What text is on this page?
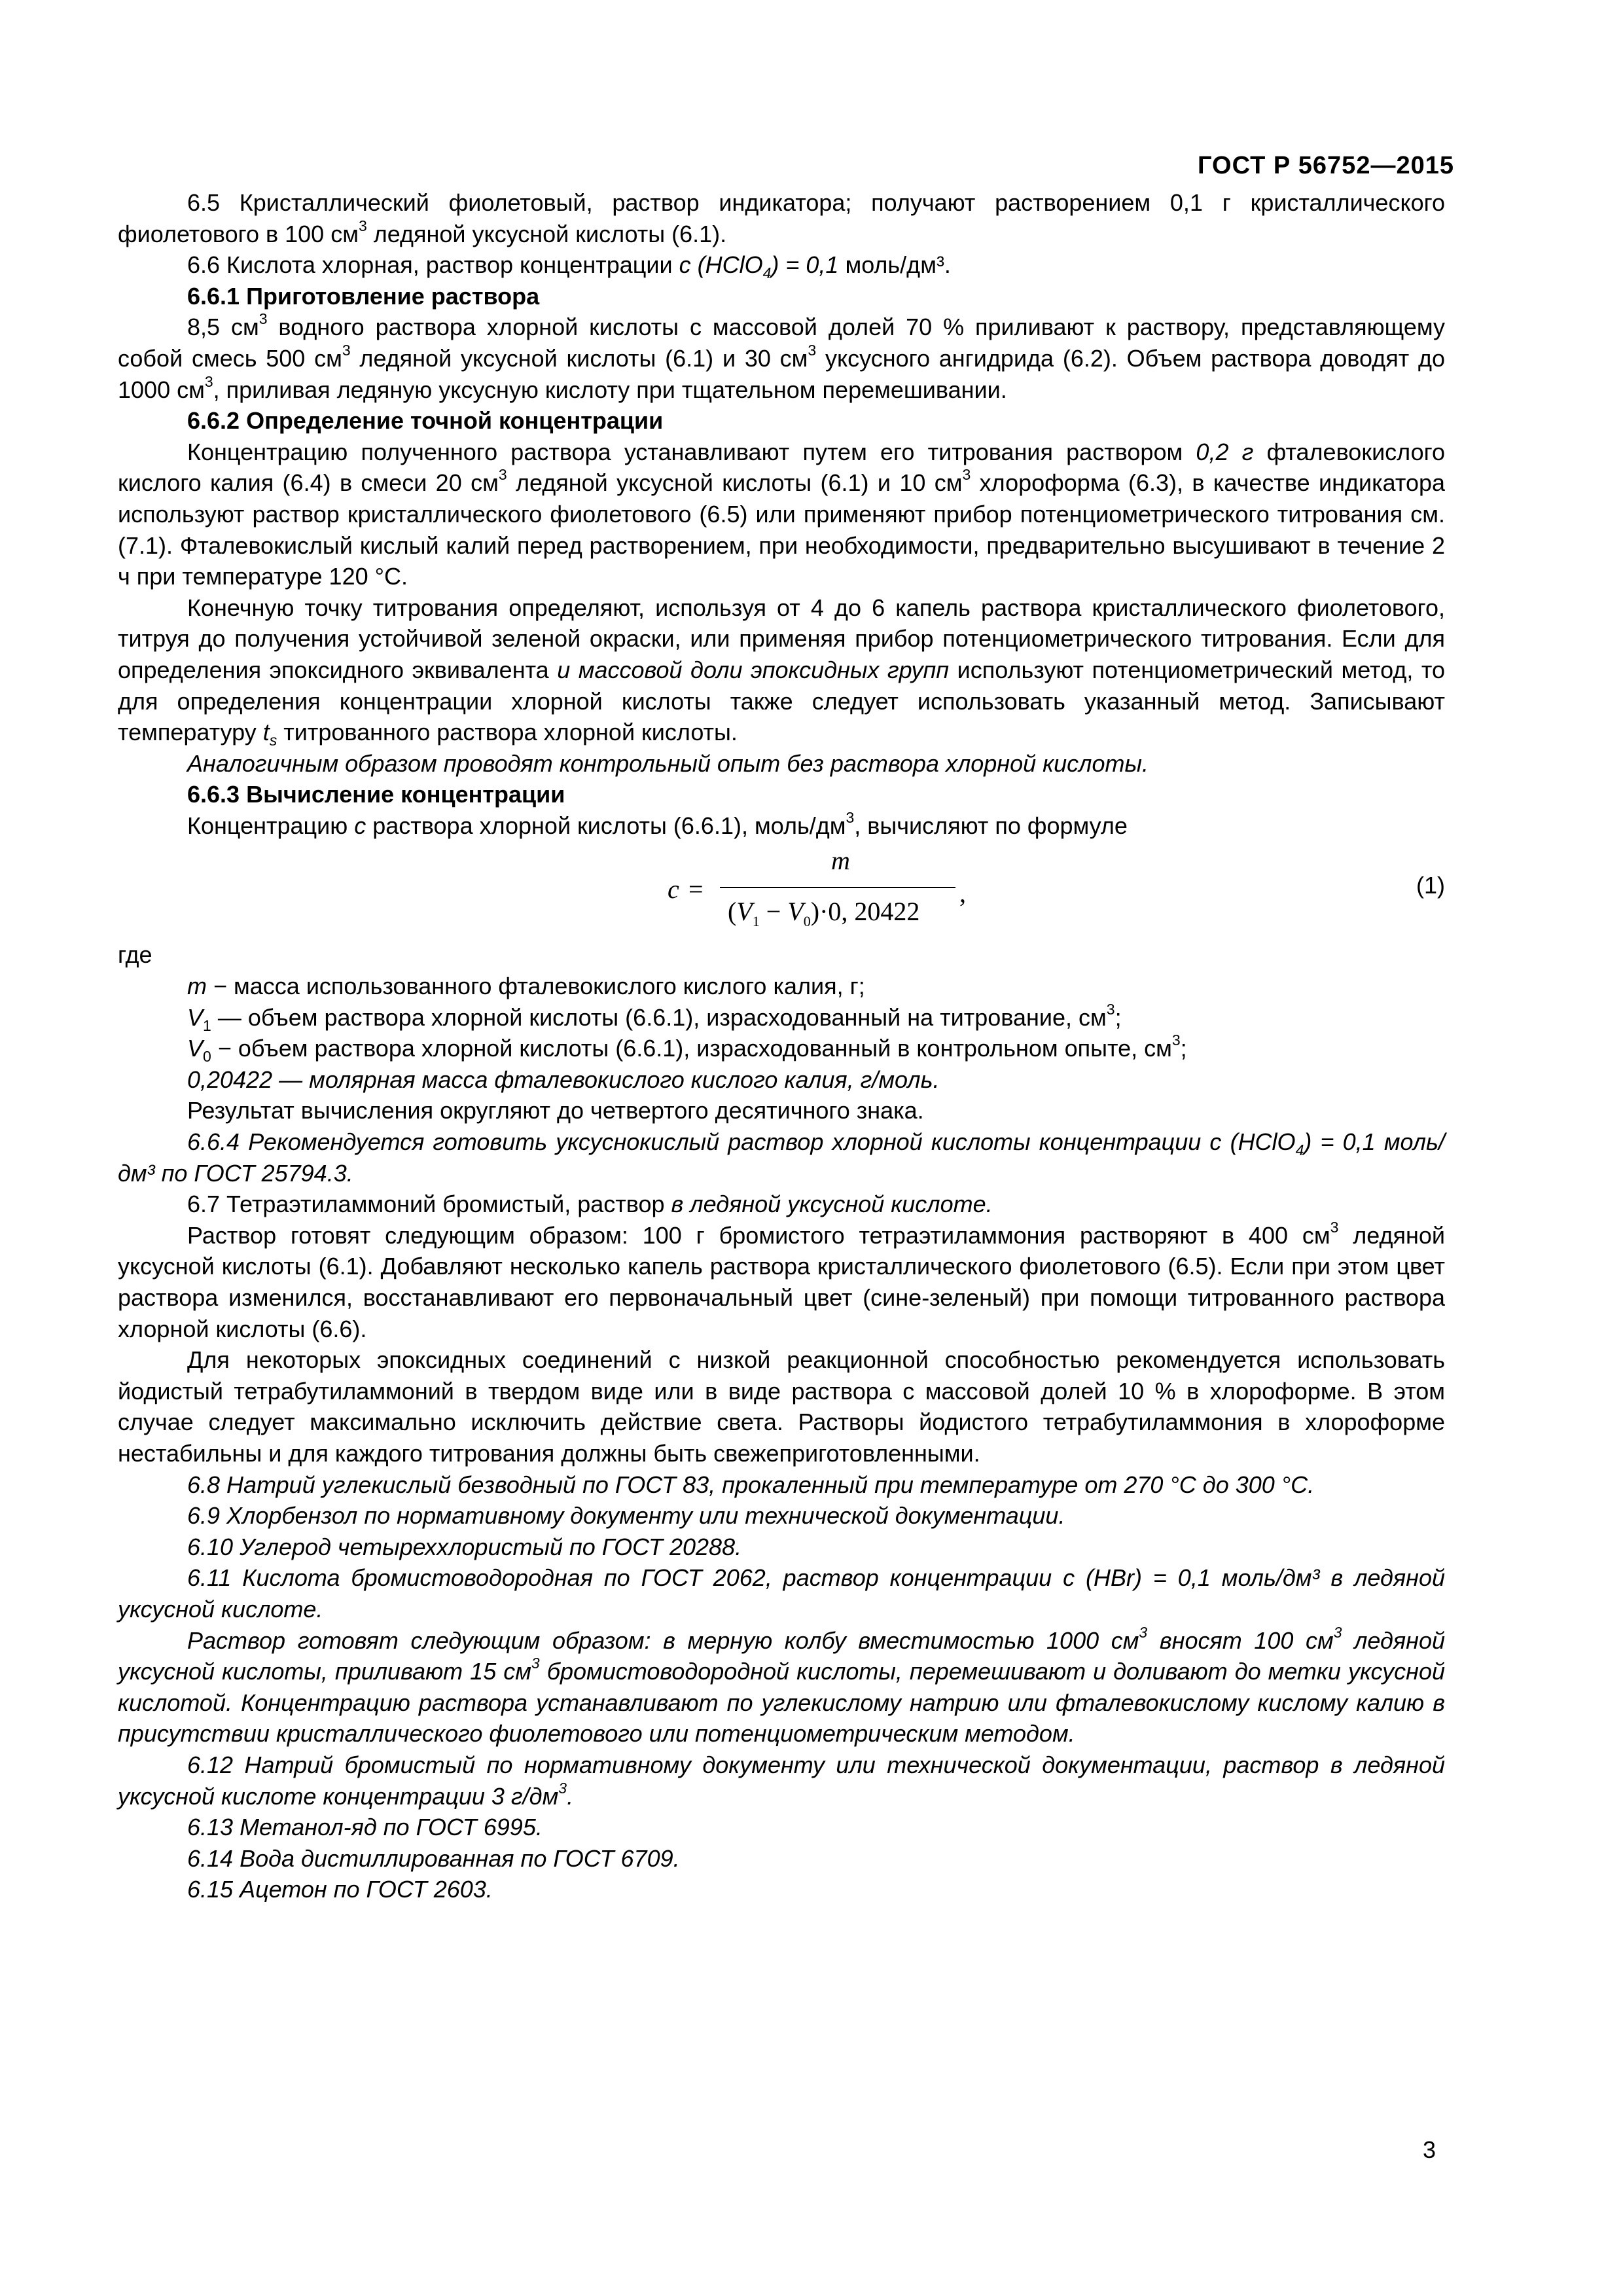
ГОСТ Р 56752—2015

6.5 Кристаллический фиолетовый, раствор индикатора; получают растворением 0,1 г кристаллического фиолетового в 100 $см^3$ ледяной уксусной кислоты (6.1).

6.6 Кислота хлорная, раствор концентрации с (HClO$_4$) = 0,1 моль/дм³.

6.6.1 Приготовление раствора

8,5 $см^3$ водного раствора хлорной кислоты с массовой долей 70 % приливают к раствору, представляющему собой смесь 500 $см^3$ ледяной уксусной кислоты (6.1) и 30 $см^3$ уксусного ангидрида (6.2). Объем раствора доводят до 1000 $см^3$, приливая ледяную уксусную кислоту при тщательном перемешивании.

6.6.2 Определение точной концентрации

Концентрацию полученного раствора устанавливают путем его титрования раствором 0,2 г фталевокислого кислого калия (6.4) в смеси 20 $см^3$ ледяной уксусной кислоты (6.1) и 10 $см^3$ хлороформа (6.3), в качестве индикатора используют раствор кристаллического фиолетового (6.5) или применяют прибор потенциометрического титрования см. (7.1). Фталевокислый кислый калий перед растворением, при необходимости, предварительно высушивают в течение 2 ч при температуре 120 °С.

Конечную точку титрования определяют, используя от 4 до 6 капель раствора кристаллического фиолетового, титруя до получения устойчивой зеленой окраски, или применяя прибор потенциометрического титрования. Если для определения эпоксидного эквивалента и массовой доли эпоксидных групп используют потенциометрический метод, то для определения концентрации хлорной кислоты также следует использовать указанный метод. Записывают температуру $t_s$ титрованного раствора хлорной кислоты.

Аналогичным образом проводят контрольный опыт без раствора хлорной кислоты.

6.6.3 Вычисление концентрации

Концентрацию с раствора хлорной кислоты (6.6.1), моль/$дм^3$, вычисляют по формуле

c =
m
$(V_1 - V_0)\cdot 0$, 20422
,	(1)

где

m − масса использованного фталевокислого кислого калия, г;

$V_1$ — объем раствора хлорной кислоты (6.6.1), израсходованный на титрование, $см^3$;

$V_0$ − объем раствора хлорной кислоты (6.6.1), израсходованный в контрольном опыте, $см^3$;

0,20422 — молярная масса фталевокислого кислого калия, г/моль.

Результат вычисления округляют до четвертого десятичного знака.

6.6.4 Рекомендуется готовить уксуснокислый раствор хлорной кислоты концентрации с (HClO$_4$) = 0,1 моль/дм³ по ГОСТ 25794.3.

6.7 Тетраэтиламмоний бромистый, раствор в ледяной уксусной кислоте.

Раствор готовят следующим образом: 100 г бромистого тетраэтиламмония растворяют в 400 $см^3$ ледяной уксусной кислоты (6.1). Добавляют несколько капель раствора кристаллического фиолетового (6.5). Если при этом цвет раствора изменился, восстанавливают его первоначальный цвет (сине-зеленый) при помощи титрованного раствора хлорной кислоты (6.6).

Для некоторых эпоксидных соединений с низкой реакционной способностью рекомендуется использовать йодистый тетрабутиламмоний в твердом виде или в виде раствора с массовой долей 10 % в хлороформе. В этом случае следует максимально исключить действие света. Растворы йодистого тетрабутиламмония в хлороформе нестабильны и для каждого титрования должны быть свежеприготовленными.

6.8 Натрий углекислый безводный по ГОСТ 83, прокаленный при температуре от 270 °С до 300 °С.

6.9 Хлорбензол по нормативному документу или технической документации.

6.10 Углерод четыреххлористый по ГОСТ 20288.

6.11 Кислота бромистоводородная по ГОСТ 2062, раствор концентрации с (HBr) = 0,1 моль/дм³ в ледяной уксусной кислоте.

Раствор готовят следующим образом: в мерную колбу вместимостью 1000 $см^3$ вносят 100 $см^3$ ледяной уксусной кислоты, приливают 15 $см^3$ бромистоводородной кислоты, перемешивают и доливают до метки уксусной кислотой. Концентрацию раствора устанавливают по углекислому натрию или фталевокислому кислому калию в присутствии кристаллического фиолетового или потенциометрическим методом.

6.12 Натрий бромистый по нормативному документу или технической документации, раствор в ледяной уксусной кислоте концентрации 3 $г/дм^3$.

6.13 Метанол-яд по ГОСТ 6995.

6.14 Вода дистиллированная по ГОСТ 6709.

6.15 Ацетон по ГОСТ 2603.

3
